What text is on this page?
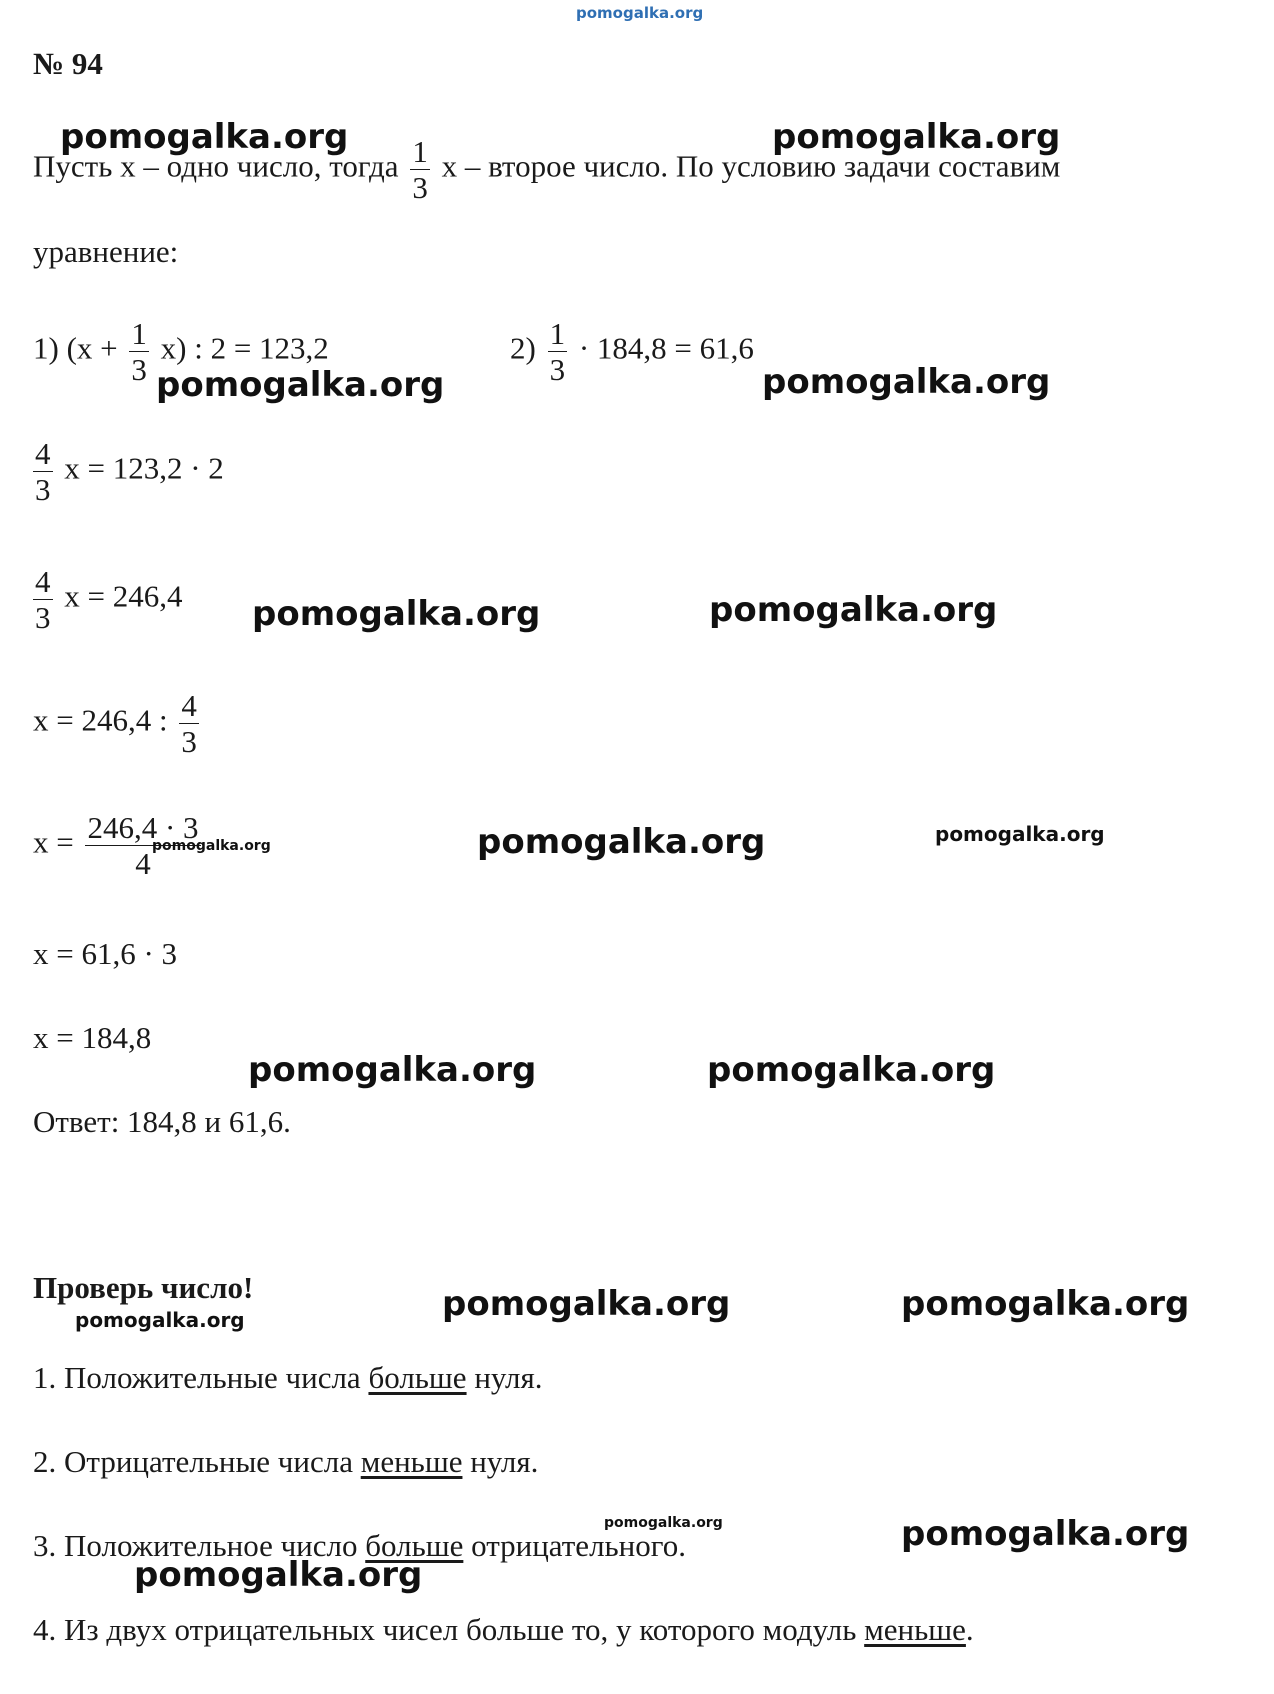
pomogalka.org
№ 94
Пусть x – одно число, тогда $\frac{1}{3}$ x – второе число. По условию задачи составим
уравнение:
1) $(x + \frac{1}{3} x)$ : 2 = 123,2	$2) \frac{1}{3} \cdot 184,8 = 61,6$
$\frac{4}{3}$ x = 123,2 · 2
$\frac{4}{3}$ x = 246,4
x = 246,4 : $\frac{4}{3}$
$x = \frac{246,4 \cdot 3}{4}$
x = 61,6 · 3
x = 184,8
Ответ: 184,8 и 61,6.
Проверь число!
1. Положительные числа больше нуля.
2. Отрицательные числа меньше нуля.
3. Положительное число больше отрицательного.
4. Из двух отрицательных чисел больше то, у которого модуль меньше.
pomogalka.org	pomogalka.org
pomogalka.org	pomogalka.org
pomogalka.org	pomogalka.org
pomogalka.org	pomogalka.org	pomogalka.org
pomogalka.org	pomogalka.org
pomogalka.org	pomogalka.org
pomogalka.org
pomogalka.org	pomogalka.org
pomogalka.org
